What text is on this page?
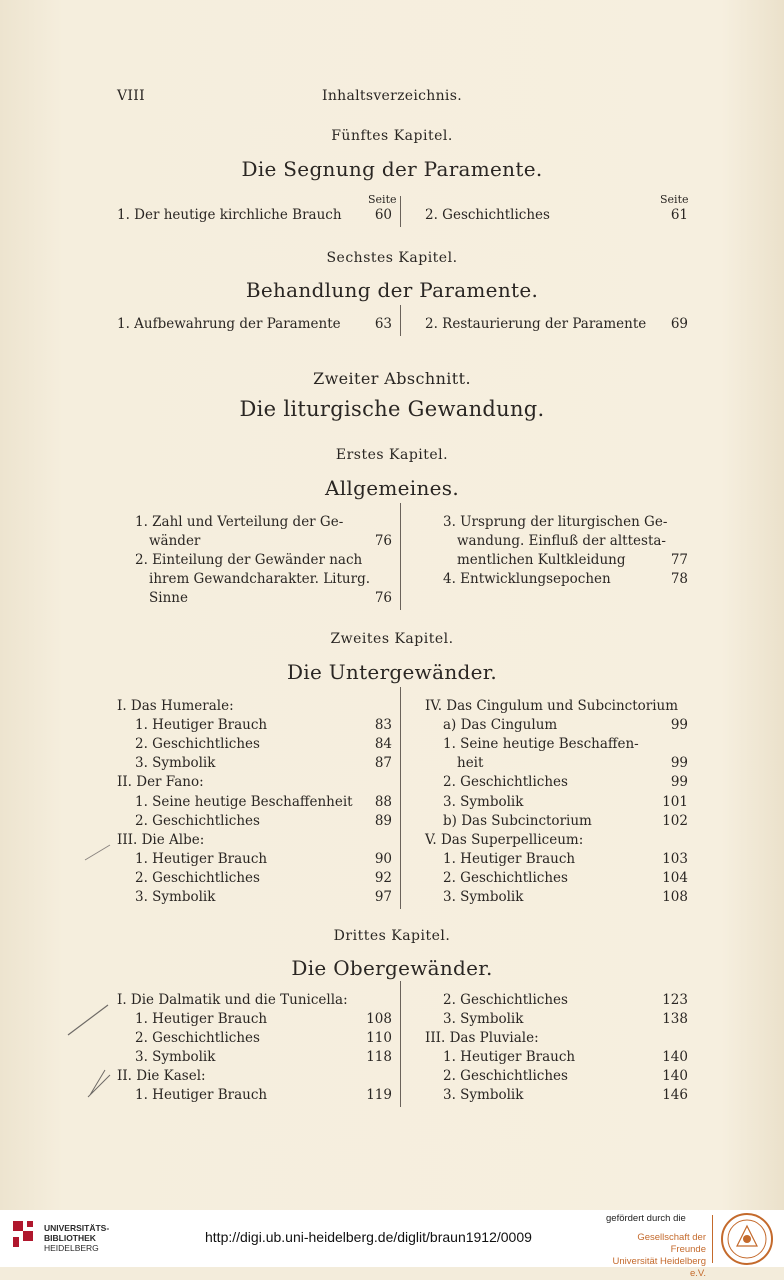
VIII	Inhaltsverzeichnis.
Fünftes Kapitel.
Die Segnung der Paramente.
Seite	Seite
1. Der heutige kirchliche Brauch	60 2. Geschichtliches	61
Sechstes Kapitel.
Behandlung der Paramente.
1. Aufbewahrung der Paramente	63 2. Restaurierung der Paramente	69
Zweiter Abschnitt.
Die liturgische Gewandung.
Erstes Kapitel.
Allgemeines.
1. Zahl und Verteilung der Ge-
wänder	76
2. Einteilung der Gewänder nach
ihrem Gewandcharakter. Liturg.
Sinne	76
3. Ursprung der liturgischen Ge-
wandung. Einfluß der alttesta-
mentlichen Kultkleidung	77
4. Entwicklungsepochen	78
Zweites Kapitel.
Die Untergewänder.
I. Das Humerale:
1. Heutiger Brauch	83
2. Geschichtliches	84
3. Symbolik	87
II. Der Fano:
1. Seine heutige Beschaffenheit	88
2. Geschichtliches	89
III. Die Albe:
1. Heutiger Brauch	90
2. Geschichtliches	92
3. Symbolik	97
IV. Das Cingulum und Subcinctorium
a) Das Cingulum	99
1. Seine heutige Beschaffen-
heit	99
2. Geschichtliches	99
3. Symbolik	101
b) Das Subcinctorium	102
V. Das Superpelliceum:
1. Heutiger Brauch	103
2. Geschichtliches	104
3. Symbolik	108
Drittes Kapitel.
Die Obergewänder.
I. Die Dalmatik und die Tunicella:
1. Heutiger Brauch	108
2. Geschichtliches	110
3. Symbolik	118
II. Die Kasel:
1. Heutiger Brauch	119
2. Geschichtliches	123
3. Symbolik	138
III. Das Pluviale:
1. Heutiger Brauch	140
2. Geschichtliches	140
3. Symbolik	146
UNIVERSITÄTS-
BIBLIOTHEK
HEIDELBERG
http://digi.ub.uni-heidelberg.de/diglit/braun1912/0009
gefördert durch die
Gesellschaft der Freunde
Universität Heidelberg e.V.
